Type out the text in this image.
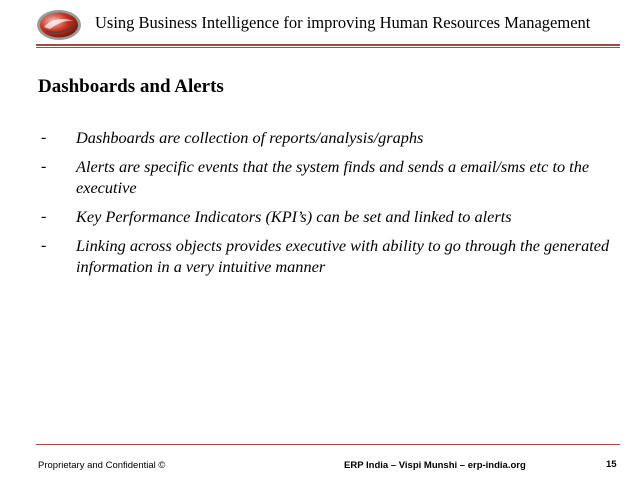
Using Business Intelligence for improving Human Resources Management
Dashboards and Alerts
- Dashboards are collection of reports/analysis/graphs
- Alerts are specific events that the system finds and sends a email/sms etc to the executive
- Key Performance Indicators (KPI’s) can be set and linked to alerts
- Linking across objects provides executive with ability to go through the generated information in a very intuitive manner
Proprietary and Confidential ©	ERP India – Vispi Munshi – erp-india.org	15
